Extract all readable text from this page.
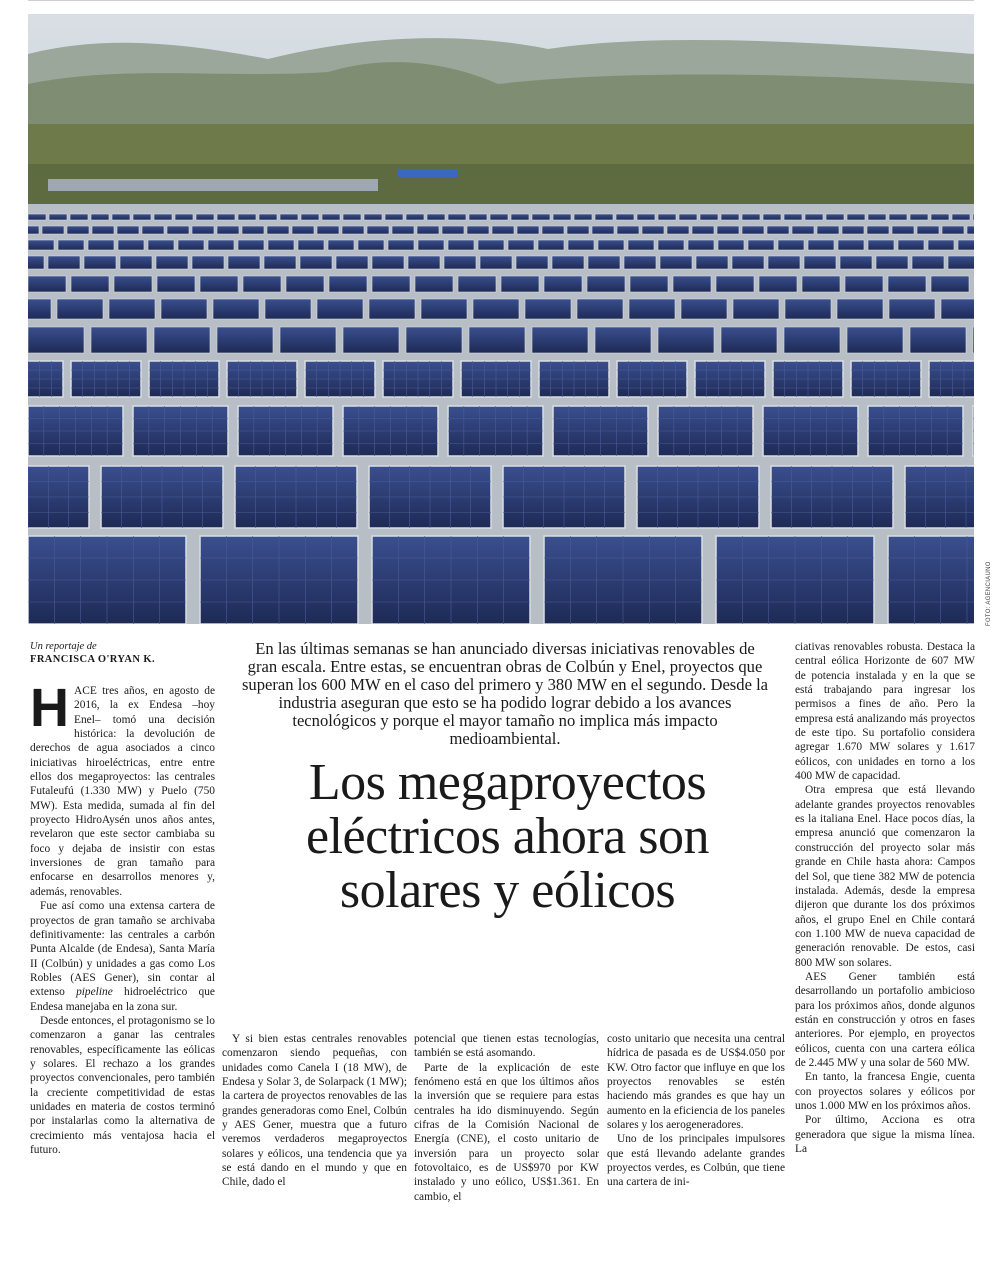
FOTO: AGENCIAUNO
Un reportaje de
FRANCISCA O'RYAN K.
En las últimas semanas se han anunciado diversas iniciativas renovables de gran escala. Entre estas, se encuentran obras de Colbún y Enel, proyectos que superan los 600 MW en el caso del primero y 380 MW en el segundo. Desde la industria aseguran que esto se ha podido lograr debido a los avances tecnológicos y porque el mayor tamaño no implica más impacto medioambiental.
Los megaproyectos eléctricos ahora son solares y eólicos

HACE tres años, en agosto de 2016, la ex Endesa –hoy Enel– tomó una decisión histórica: la devolución de derechos de agua asociados a cinco iniciativas hiroeléctricas, entre entre ellos dos megaproyectos: las centrales Futaleufú (1.330 MW) y Puelo (750 MW). Esta medida, sumada al fin del proyecto HidroAysén unos años antes, revelaron que este sector cambiaba su foco y dejaba de insistir con estas inversiones de gran tamaño para enfocarse en desarrollos menores y, además, renovables.

Fue así como una extensa cartera de proyectos de gran tamaño se archivaba definitivamente: las centrales a carbón Punta Alcalde (de Endesa), Santa María II (Colbún) y unidades a gas como Los Robles (AES Gener), sin contar al extenso pipeline hidroeléctrico que Endesa manejaba en la zona sur.

Desde entonces, el protagonismo se lo comenzaron a ganar las centrales renovables, específicamente las eólicas y solares. El rechazo a los grandes proyectos convencionales, pero también la creciente competitividad de estas unidades en materia de costos terminó por instalarlas como la alternativa de crecimiento más ventajosa hacia el futuro.

Y si bien estas centrales renovables comenzaron siendo pequeñas, con unidades como Canela I (18 MW), de Endesa y Solar 3, de Solarpack (1 MW); la cartera de proyectos renovables de las grandes generadoras como Enel, Colbún y AES Gener, muestra que a futuro veremos verdaderos megaproyectos solares y eólicos, una tendencia que ya se está dando en el mundo y que en Chile, dado el

potencial que tienen estas tecnologías, también se está asomando.

Parte de la explicación de este fenómeno está en que los últimos años la inversión que se requiere para estas centrales ha ido disminuyendo. Según cifras de la Comisión Nacional de Energía (CNE), el costo unitario de inversión para un proyecto solar fotovoltaico, es de US$970 por KW instalado y uno eólico, US$1.361. En cambio, el

costo unitario que necesita una central hídrica de pasada es de US$4.050 por KW. Otro factor que influye en que los proyectos renovables se estén haciendo más grandes es que hay un aumento en la eficiencia de los paneles solares y los aerogeneradores.

Uno de los principales impulsores que está llevando adelante grandes proyectos verdes, es Colbún, que tiene una cartera de ini-

ciativas renovables robusta. Destaca la central eólica Horizonte de 607 MW de potencia instalada y en la que se está trabajando para ingresar los permisos a fines de año. Pero la empresa está analizando más proyectos de este tipo. Su portafolio considera agregar 1.670 MW solares y 1.617 eólicos, con unidades en torno a los 400 MW de capacidad.

Otra empresa que está llevando adelante grandes proyectos renovables es la italiana Enel. Hace pocos días, la empresa anunció que comenzaron la construcción del proyecto solar más grande en Chile hasta ahora: Campos del Sol, que tiene 382 MW de potencia instalada. Además, desde la empresa dijeron que durante los dos próximos años, el grupo Enel en Chile contará con 1.100 MW de nueva capacidad de generación renovable. De estos, casi 800 MW son solares.

AES Gener también está desarrollando un portafolio ambicioso para los próximos años, donde algunos están en construcción y otros en fases anteriores. Por ejemplo, en proyectos eólicos, cuenta con una cartera eólica de 2.445 MW y una solar de 560 MW.

En tanto, la francesa Engie, cuenta con proyectos solares y eólicos por unos 1.000 MW en los próximos años.

Por último, Acciona es otra generadora que sigue la misma línea. La
